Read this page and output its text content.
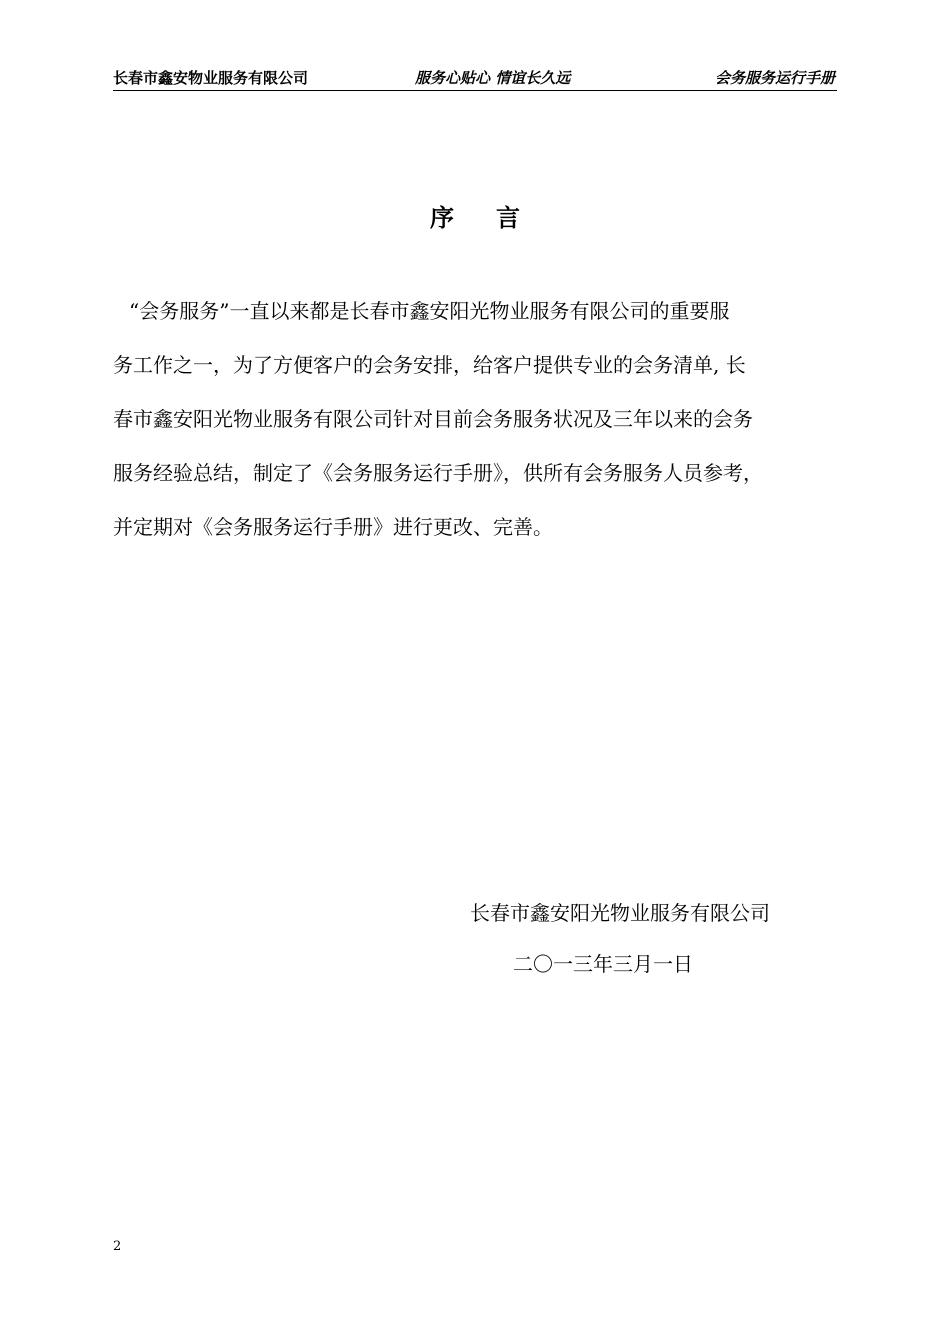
长春市鑫安物业服务有限公司	服务心贴心 情谊长久远	会务服务运行手册
序言
“会务服务”一直以来都是长春市鑫安阳光物业服务有限公司的重要服
务工作之一，为了方便客户的会务安排，给客户提供专业的会务清单, 长
春市鑫安阳光物业服务有限公司针对目前会务服务状况及三年以来的会务
服务经验总结，制定了《会务服务运行手册》，供所有会务服务人员参考，
并定期对《会务服务运行手册》进行更改、完善。
长春市鑫安阳光物业服务有限公司
二〇一三年三月一日
2
